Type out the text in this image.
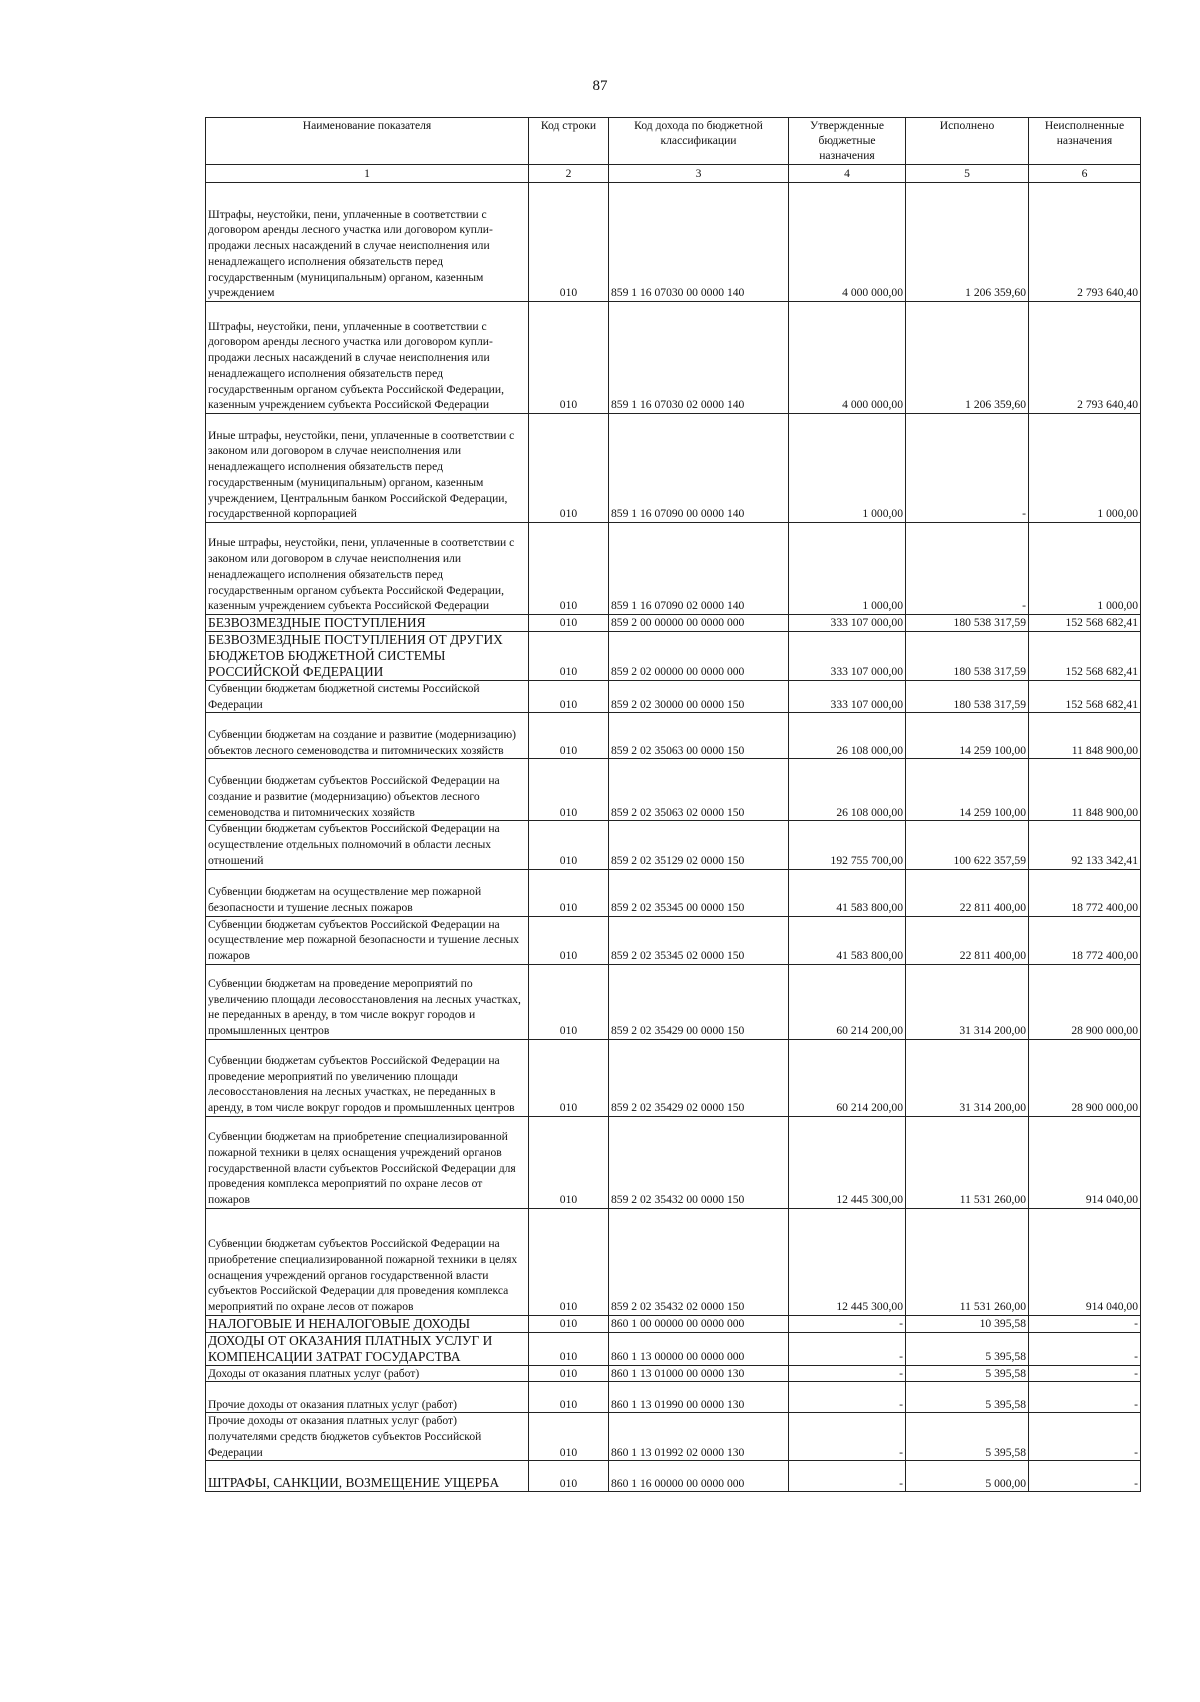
87
Наименование показателя	Код строки	Код дохода по бюджетной классификации	Утвержденные бюджетные назначения	Исполнено	Неисполненные назначения
1	2	3	4	5	6
Штрафы, неустойки, пени, уплаченные в соответствии с договором аренды лесного участка или договором купли-продажи лесных насаждений в случае неисполнения или ненадлежащего исполнения обязательств перед государственным (муниципальным) органом, казенным учреждением	010	859 1 16 07030 00 0000 140	4 000 000,00	1 206 359,60	2 793 640,40
Штрафы, неустойки, пени, уплаченные в соответствии с договором аренды лесного участка или договором купли-продажи лесных насаждений в случае неисполнения или ненадлежащего исполнения обязательств перед государственным органом субъекта Российской Федерации, казенным учреждением субъекта Российской Федерации	010	859 1 16 07030 02 0000 140	4 000 000,00	1 206 359,60	2 793 640,40
Иные штрафы, неустойки, пени, уплаченные в соответствии с законом или договором в случае неисполнения или ненадлежащего исполнения обязательств перед государственным (муниципальным) органом, казенным учреждением, Центральным банком Российской Федерации, государственной корпорацией	010	859 1 16 07090 00 0000 140	1 000,00	-	1 000,00
Иные штрафы, неустойки, пени, уплаченные в соответствии с законом или договором в случае неисполнения или ненадлежащего исполнения обязательств перед государственным органом субъекта Российской Федерации, казенным учреждением субъекта Российской Федерации	010	859 1 16 07090 02 0000 140	1 000,00	-	1 000,00
БЕЗВОЗМЕЗДНЫЕ ПОСТУПЛЕНИЯ	010	859 2 00 00000 00 0000 000	333 107 000,00	180 538 317,59	152 568 682,41
БЕЗВОЗМЕЗДНЫЕ ПОСТУПЛЕНИЯ ОТ ДРУГИХ БЮДЖЕТОВ БЮДЖЕТНОЙ СИСТЕМЫ РОССИЙСКОЙ ФЕДЕРАЦИИ	010	859 2 02 00000 00 0000 000	333 107 000,00	180 538 317,59	152 568 682,41
Субвенции бюджетам бюджетной системы Российской Федерации	010	859 2 02 30000 00 0000 150	333 107 000,00	180 538 317,59	152 568 682,41
Субвенции бюджетам на создание и развитие (модернизацию) объектов лесного семеноводства и питомнических хозяйств	010	859 2 02 35063 00 0000 150	26 108 000,00	14 259 100,00	11 848 900,00
Субвенции бюджетам субъектов Российской Федерации на создание и развитие (модернизацию) объектов лесного семеноводства и питомнических хозяйств	010	859 2 02 35063 02 0000 150	26 108 000,00	14 259 100,00	11 848 900,00
Субвенции бюджетам субъектов Российской Федерации на осуществление отдельных полномочий в области лесных отношений	010	859 2 02 35129 02 0000 150	192 755 700,00	100 622 357,59	92 133 342,41
Субвенции бюджетам на осуществление мер пожарной безопасности и тушение лесных пожаров	010	859 2 02 35345 00 0000 150	41 583 800,00	22 811 400,00	18 772 400,00
Субвенции бюджетам субъектов Российской Федерации на осуществление мер пожарной безопасности и тушение лесных пожаров	010	859 2 02 35345 02 0000 150	41 583 800,00	22 811 400,00	18 772 400,00
Субвенции бюджетам на проведение мероприятий по увеличению площади лесовосстановления на лесных участках, не переданных в аренду, в том числе вокруг городов и промышленных центров	010	859 2 02 35429 00 0000 150	60 214 200,00	31 314 200,00	28 900 000,00
Субвенции бюджетам субъектов Российской Федерации на проведение мероприятий по увеличению площади лесовосстановления на лесных участках, не переданных в аренду, в том числе вокруг городов и промышленных центров	010	859 2 02 35429 02 0000 150	60 214 200,00	31 314 200,00	28 900 000,00
Субвенции бюджетам на приобретение специализированной пожарной техники в целях оснащения учреждений органов государственной власти субъектов Российской Федерации для проведения комплекса мероприятий по охране лесов от пожаров	010	859 2 02 35432 00 0000 150	12 445 300,00	11 531 260,00	914 040,00
Субвенции бюджетам субъектов Российской Федерации на приобретение специализированной пожарной техники в целях оснащения учреждений органов государственной власти субъектов Российской Федерации для проведения комплекса мероприятий по охране лесов от пожаров	010	859 2 02 35432 02 0000 150	12 445 300,00	11 531 260,00	914 040,00
НАЛОГОВЫЕ И НЕНАЛОГОВЫЕ ДОХОДЫ	010	860 1 00 00000 00 0000 000	-	10 395,58	-
ДОХОДЫ ОТ ОКАЗАНИЯ ПЛАТНЫХ УСЛУГ И КОМПЕНСАЦИИ ЗАТРАТ ГОСУДАРСТВА	010	860 1 13 00000 00 0000 000	-	5 395,58	-
Доходы от оказания платных услуг (работ)	010	860 1 13 01000 00 0000 130	-	5 395,58	-
Прочие доходы от оказания платных услуг (работ)	010	860 1 13 01990 00 0000 130	-	5 395,58	-
Прочие доходы от оказания платных услуг (работ) получателями средств бюджетов субъектов Российской Федерации	010	860 1 13 01992 02 0000 130	-	5 395,58	-
ШТРАФЫ, САНКЦИИ, ВОЗМЕЩЕНИЕ УЩЕРБА	010	860 1 16 00000 00 0000 000	-	5 000,00	-
